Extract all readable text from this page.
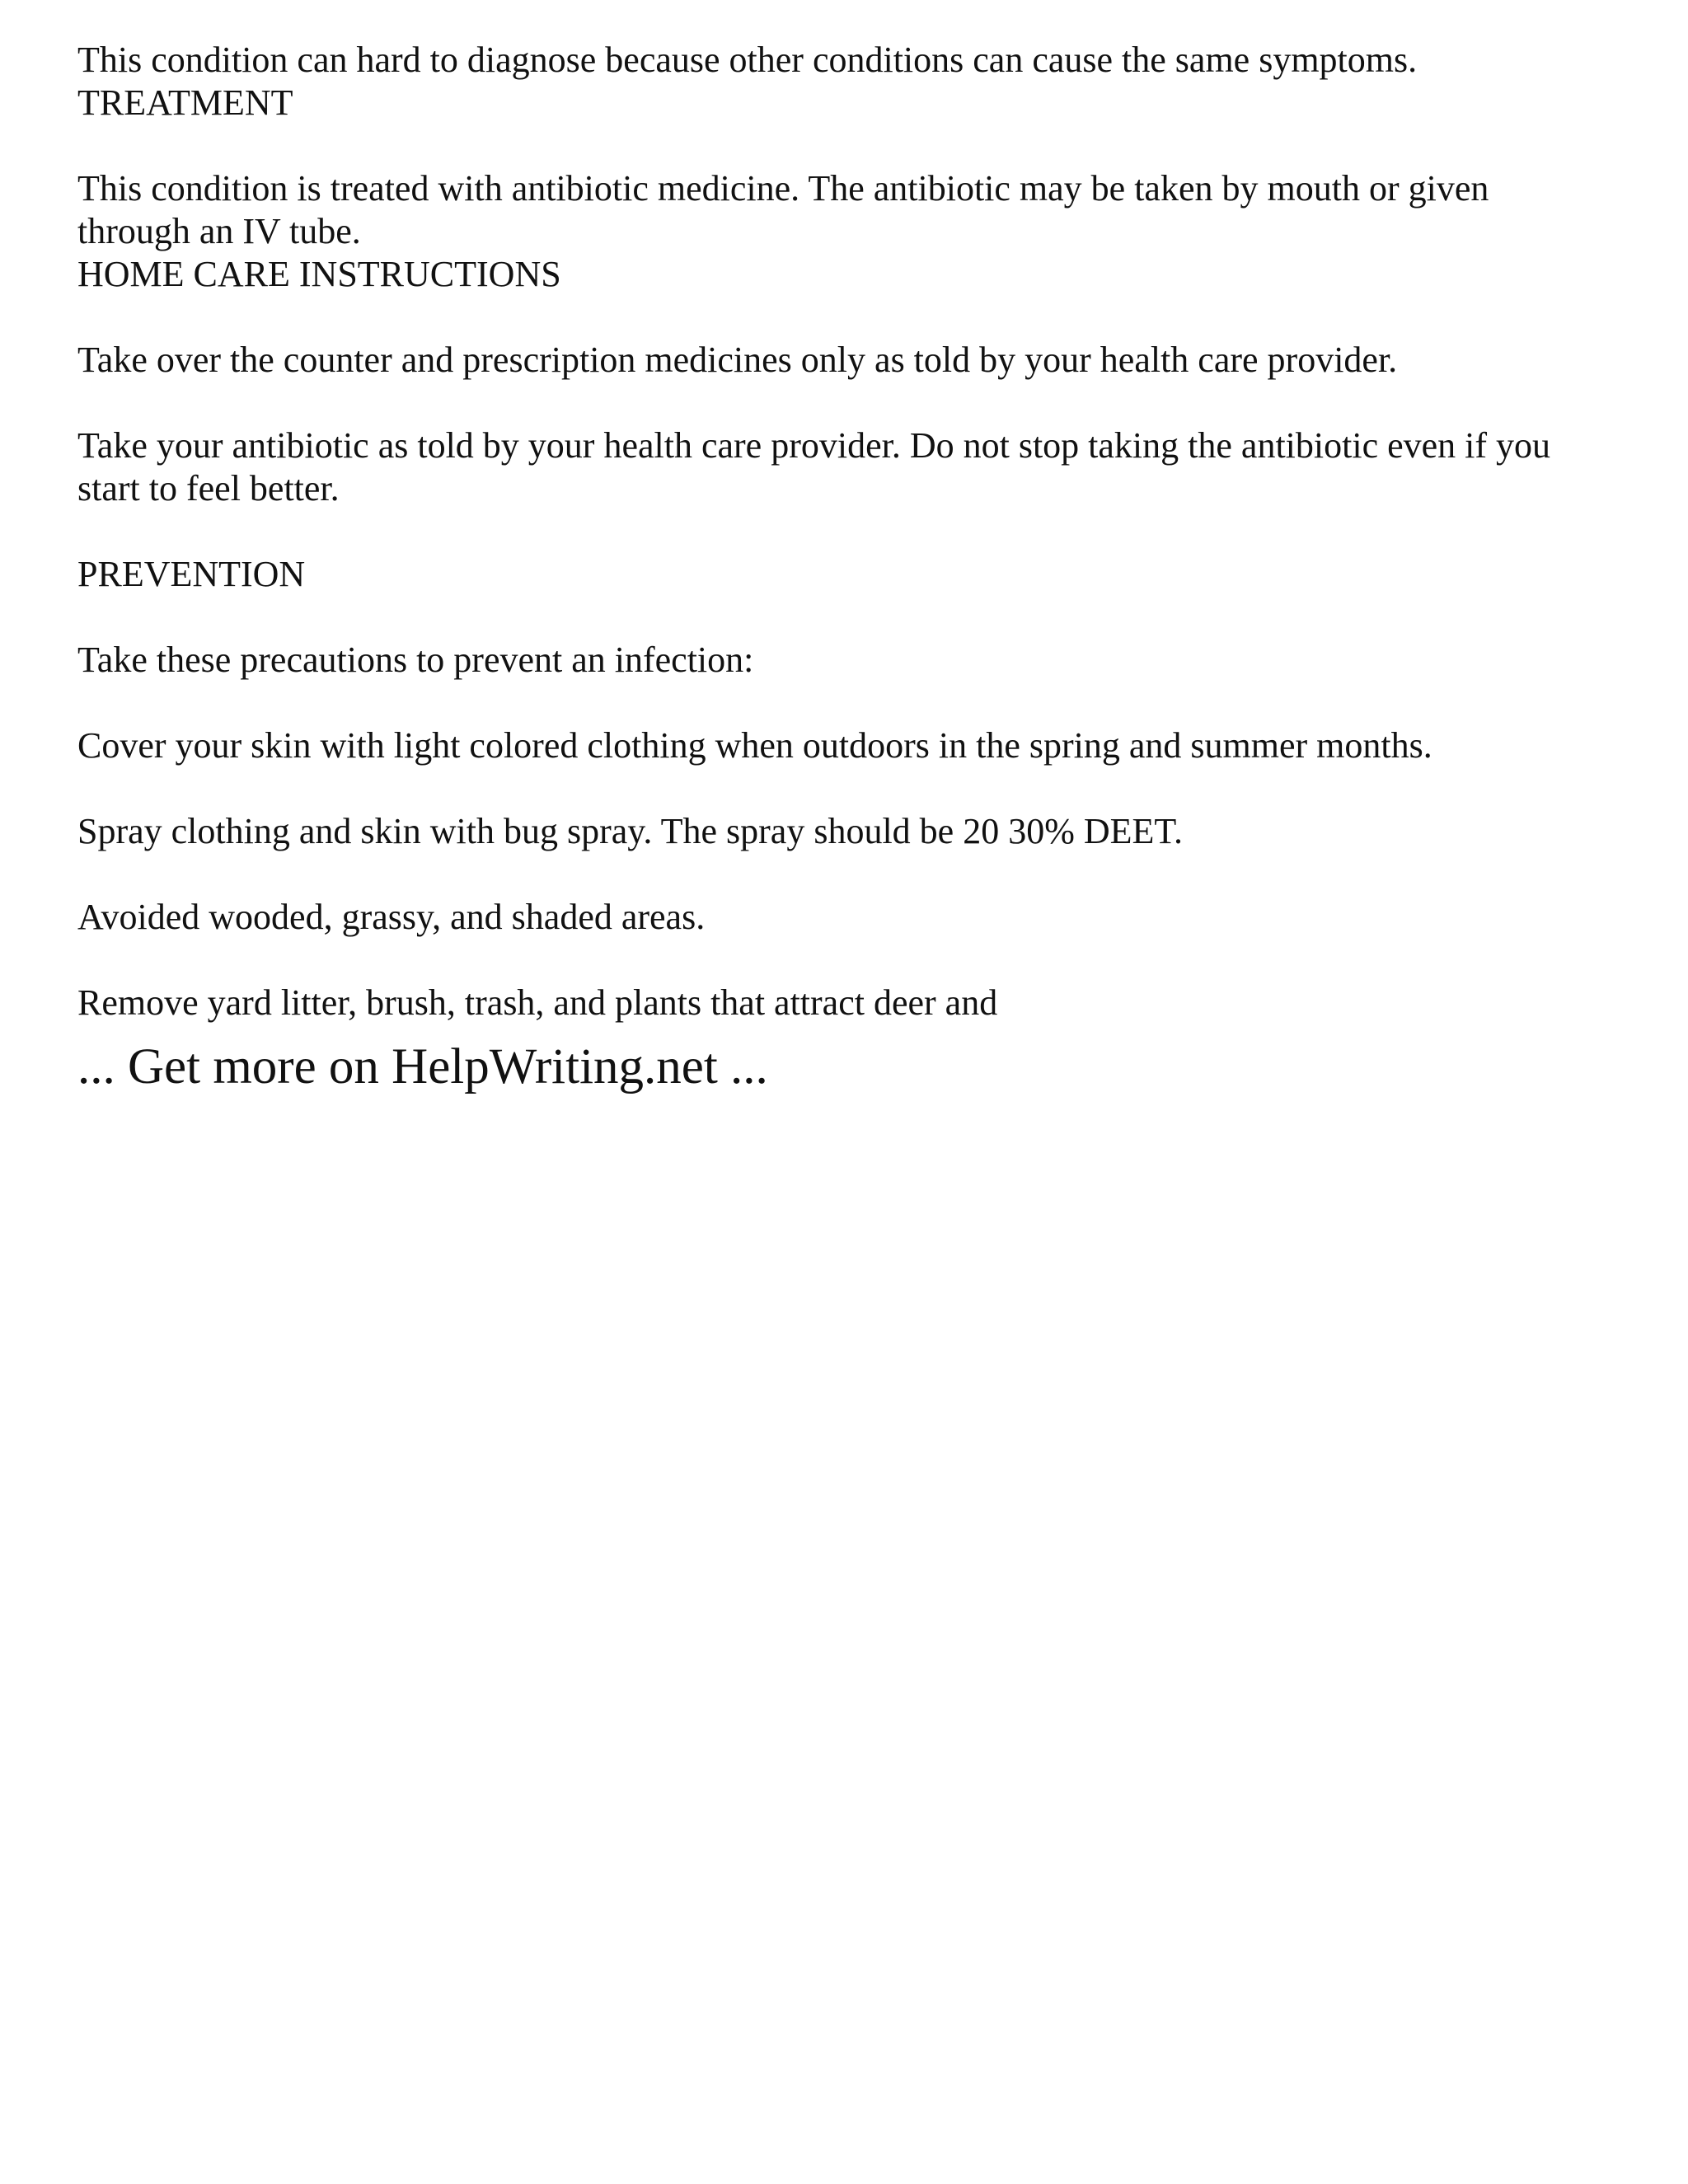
This condition can hard to diagnose because other conditions can cause the same symptoms.

TREATMENT

This condition is treated with antibiotic medicine. The antibiotic may be taken by mouth or given

through an IV tube.

HOME CARE INSTRUCTIONS

Take over the counter and prescription medicines only as told by your health care provider.

Take your antibiotic as told by your health care provider. Do not stop taking the antibiotic even if you

start to feel better.

PREVENTION

Take these precautions to prevent an infection:

Cover your skin with light colored clothing when outdoors in the spring and summer months.

Spray clothing and skin with bug spray. The spray should be 20 30% DEET.

Avoided wooded, grassy, and shaded areas.

Remove yard litter, brush, trash, and plants that attract deer and

... Get more on HelpWriting.net ...
